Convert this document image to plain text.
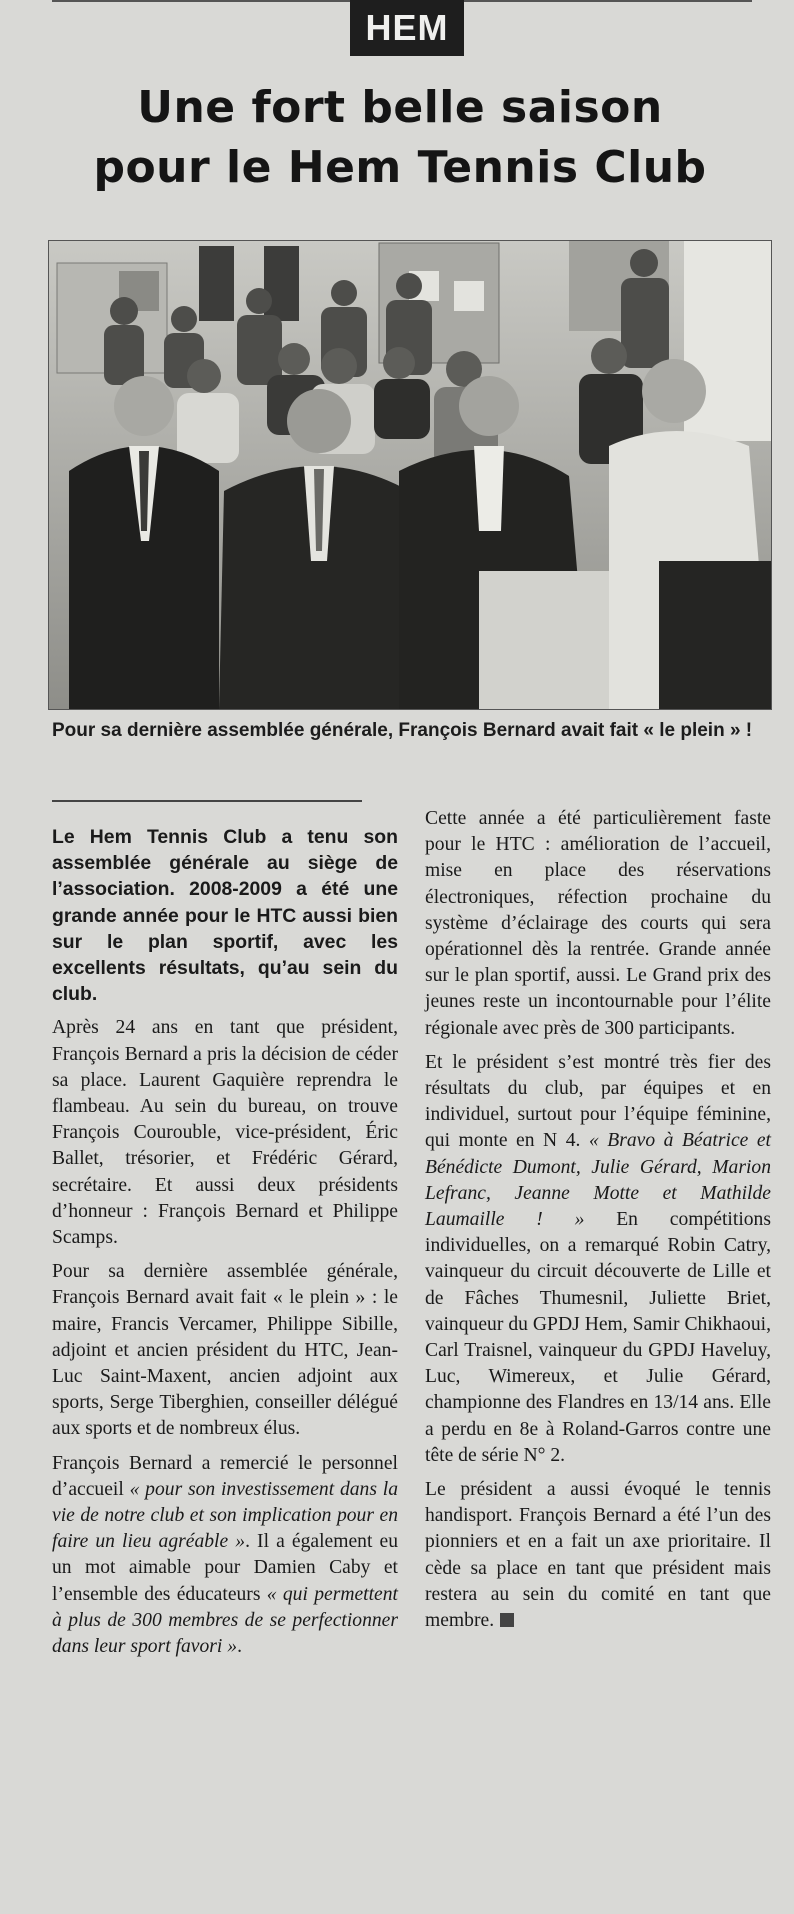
HEM
Une fort belle saison
pour le Hem Tennis Club
Pour sa dernière assemblée générale, François Bernard avait fait « le plein » !

Le Hem Tennis Club a tenu son assemblée générale au siège de l’association. 2008-2009 a été une grande année pour le HTC aussi bien sur le plan sportif, avec les excellents résultats, qu’au sein du club.

Après 24 ans en tant que président, François Bernard a pris la décision de céder sa place. Laurent Gaquière reprendra le flambeau. Au sein du bureau, on trouve François Courouble, vice-président, Éric Ballet, trésorier, et Frédéric Gérard, secrétaire. Et aussi deux présidents d’honneur : François Bernard et Philippe Scamps.

Pour sa dernière assemblée générale, François Bernard avait fait « le plein » : le maire, Francis Vercamer, Philippe Sibille, adjoint et ancien président du HTC, Jean-Luc Saint-Maxent, ancien adjoint aux sports, Serge Tiberghien, conseiller délégué aux sports et de nombreux élus.

François Bernard a remercié le personnel d’accueil « pour son investissement dans la vie de notre club et son implication pour en faire un lieu agréable ». Il a également eu un mot aimable pour Damien Caby et l’ensemble des éducateurs « qui permettent à plus de 300 membres de se perfectionner dans leur sport favori ».

Cette année a été particulièrement faste pour le HTC : amélioration de l’accueil, mise en place des réservations électroniques, réfection prochaine du système d’éclairage des courts qui sera opérationnel dès la rentrée. Grande année sur le plan sportif, aussi. Le Grand prix des jeunes reste un incontournable pour l’élite régionale avec près de 300 participants.

Et le président s’est montré très fier des résultats du club, par équipes et en individuel, surtout pour l’équipe féminine, qui monte en N 4. « Bravo à Béatrice et Bénédicte Dumont, Julie Gérard, Marion Lefranc, Jeanne Motte et Mathilde Laumaille ! » En compétitions individuelles, on a remarqué Robin Catry, vainqueur du circuit découverte de Lille et de Fâches Thumesnil, Juliette Briet, vainqueur du GPDJ Hem, Samir Chikhaoui, Carl Traisnel, vainqueur du GPDJ Haveluy, Luc, Wimereux, et Julie Gérard, championne des Flandres en 13/14 ans. Elle a perdu en 8e à Roland-Garros contre une tête de série N° 2.

Le président a aussi évoqué le tennis handisport. François Bernard a été l’un des pionniers et en a fait un axe prioritaire. Il cède sa place en tant que président mais restera au sein du comité en tant que membre.
